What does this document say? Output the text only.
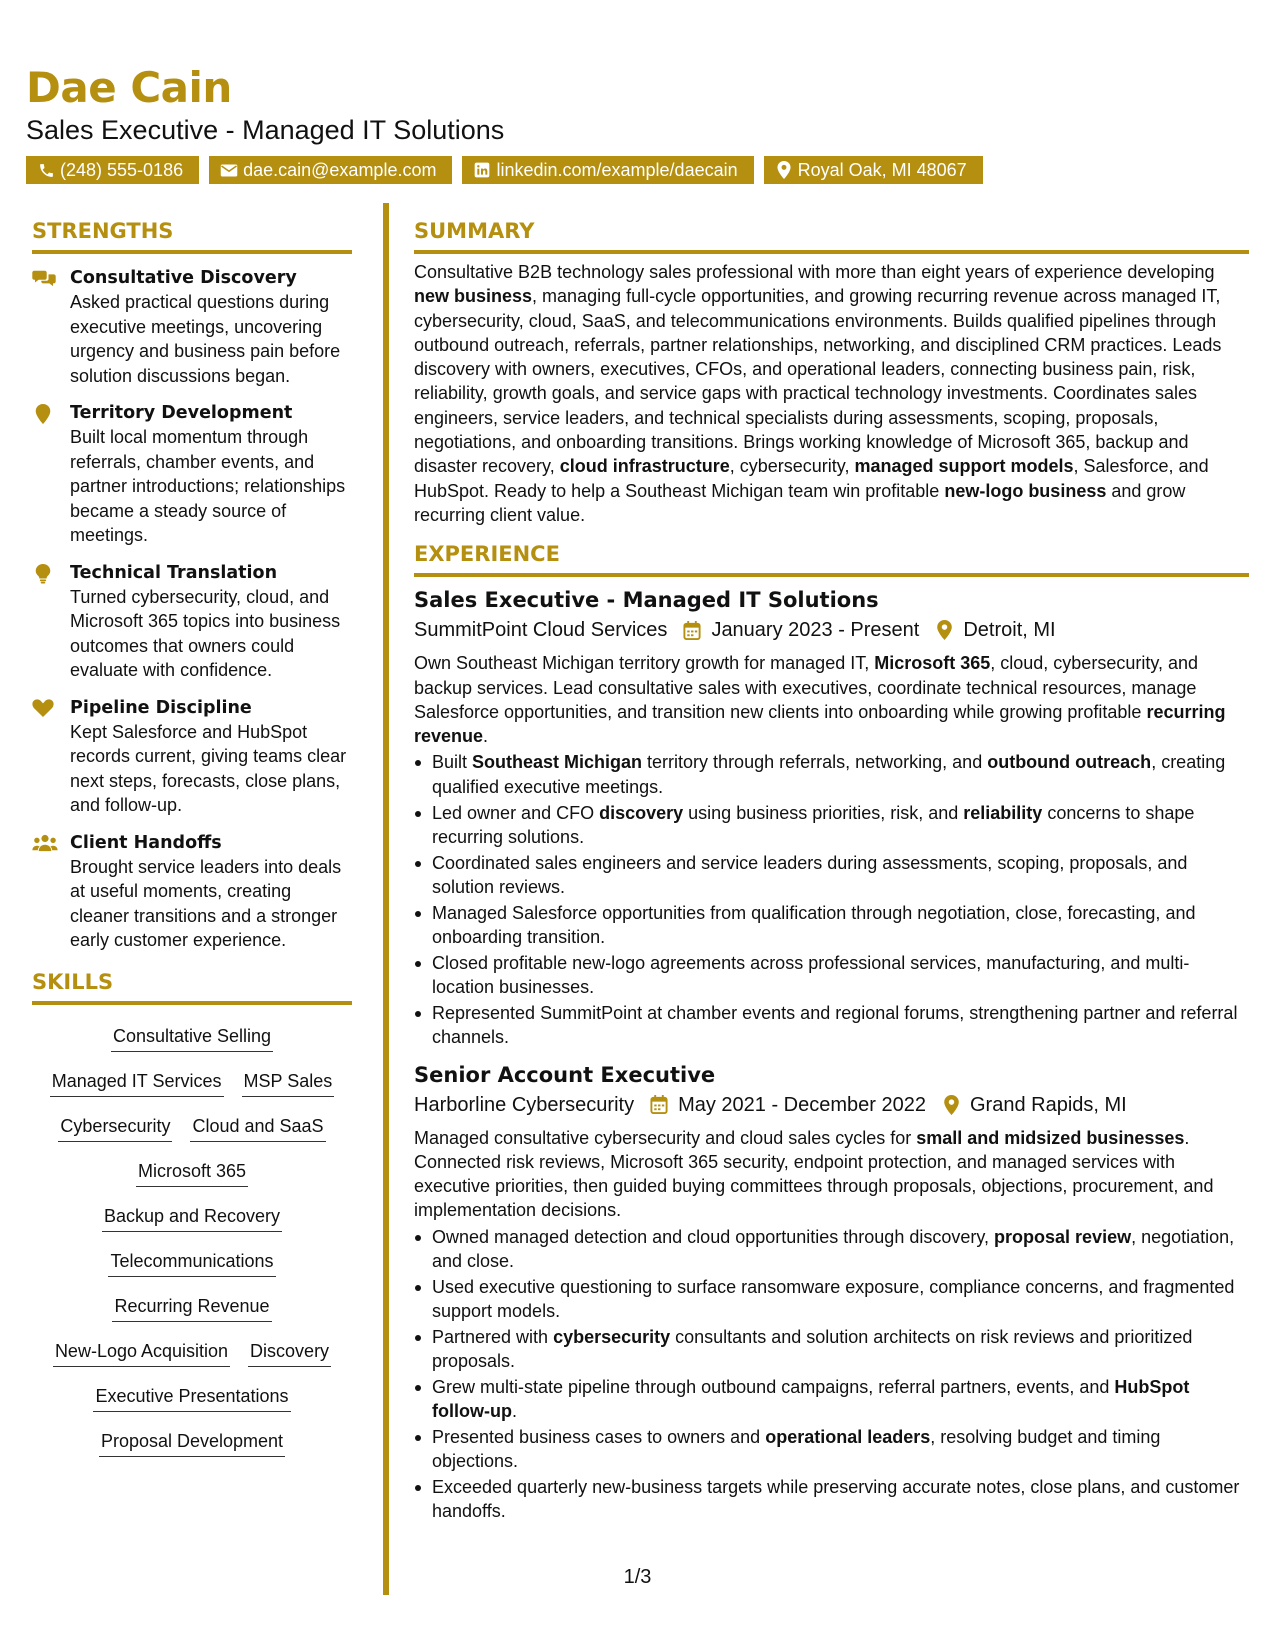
Dae Cain
Sales Executive - Managed IT Solutions
(248) 555-0186	dae.cain@example.com	linkedin.com/example/daecain	Royal Oak, MI 48067
STRENGTHS
Consultative Discovery
Asked practical questions during executive meetings, uncovering urgency and business pain before solution discussions began.
Territory Development
Built local momentum through referrals, chamber events, and partner introductions; relationships became a steady source of meetings.
Technical Translation
Turned cybersecurity, cloud, and Microsoft 365 topics into business outcomes that owners could evaluate with confidence.
Pipeline Discipline
Kept Salesforce and HubSpot records current, giving teams clear next steps, forecasts, close plans, and follow-up.
Client Handoffs
Brought service leaders into deals at useful moments, creating cleaner transitions and a stronger early customer experience.
SKILLS
Consultative Selling
Managed IT Services MSP Sales
Cybersecurity Cloud and SaaS
Microsoft 365
Backup and Recovery
Telecommunications
Recurring Revenue
New-Logo Acquisition Discovery
Executive Presentations
Proposal Development
SUMMARY
Consultative B2B technology sales professional with more than eight years of experience developing new business, managing full-cycle opportunities, and growing recurring revenue across managed IT, cybersecurity, cloud, SaaS, and telecommunications environments. Builds qualified pipelines through outbound outreach, referrals, partner relationships, networking, and disciplined CRM practices. Leads discovery with owners, executives, CFOs, and operational leaders, connecting business pain, risk, reliability, growth goals, and service gaps with practical technology investments. Coordinates sales engineers, service leaders, and technical specialists during assessments, scoping, proposals, negotiations, and onboarding transitions. Brings working knowledge of Microsoft 365, backup and disaster recovery, cloud infrastructure, cybersecurity, managed support models, Salesforce, and HubSpot. Ready to help a Southeast Michigan team win profitable new-logo business and grow recurring client value.
EXPERIENCE
Sales Executive - Managed IT Solutions
SummitPoint Cloud Services January 2023 - Present Detroit, MI
Own Southeast Michigan territory growth for managed IT, Microsoft 365, cloud, cybersecurity, and backup services. Lead consultative sales with executives, coordinate technical resources, manage Salesforce opportunities, and transition new clients into onboarding while growing profitable recurring revenue.
Built Southeast Michigan territory through referrals, networking, and outbound outreach, creating qualified executive meetings.
Led owner and CFO discovery using business priorities, risk, and reliability concerns to shape recurring solutions.
Coordinated sales engineers and service leaders during assessments, scoping, proposals, and solution reviews.
Managed Salesforce opportunities from qualification through negotiation, close, forecasting, and onboarding transition.
Closed profitable new-logo agreements across professional services, manufacturing, and multi-location businesses.
Represented SummitPoint at chamber events and regional forums, strengthening partner and referral channels.
Senior Account Executive
Harborline Cybersecurity May 2021 - December 2022 Grand Rapids, MI
Managed consultative cybersecurity and cloud sales cycles for small and midsized businesses. Connected risk reviews, Microsoft 365 security, endpoint protection, and managed services with executive priorities, then guided buying committees through proposals, objections, procurement, and implementation decisions.
Owned managed detection and cloud opportunities through discovery, proposal review, negotiation, and close.
Used executive questioning to surface ransomware exposure, compliance concerns, and fragmented support models.
Partnered with cybersecurity consultants and solution architects on risk reviews and prioritized proposals.
Grew multi-state pipeline through outbound campaigns, referral partners, events, and HubSpot follow-up.
Presented business cases to owners and operational leaders, resolving budget and timing objections.
Exceeded quarterly new-business targets while preserving accurate notes, close plans, and customer handoffs.
1/3
